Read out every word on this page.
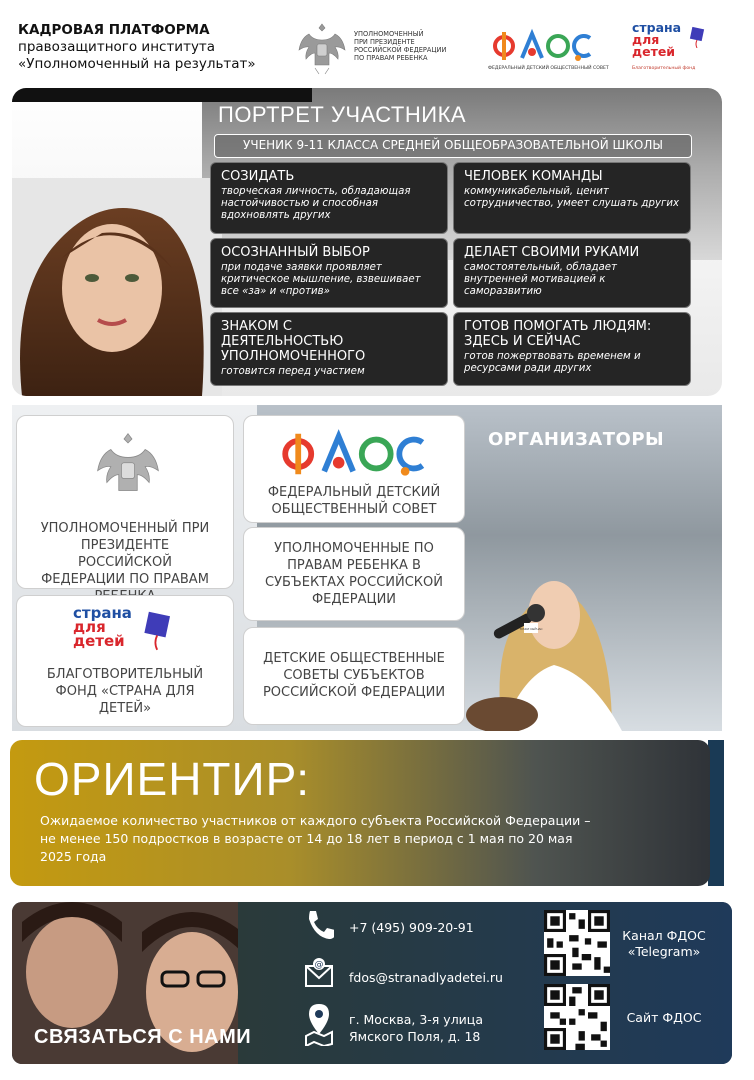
КАДРОВАЯ ПЛАТФОРМА
правозащитного института
«Уполномоченный на результат»
УПОЛНОМОЧЕННЫЙ
ПРИ ПРЕЗИДЕНТЕ
РОССИЙСКОЙ ФЕДЕРАЦИИ
ПО ПРАВАМ РЕБЕНКА
ФЕДЕРАЛЬНЫЙ ДЕТСКИЙ ОБЩЕСТВЕННЫЙ СОВЕТ
страна
для
детей
Благотворительный фонд
ПОРТРЕТ УЧАСТНИКА
УЧЕНИК 9-11 КЛАССА СРЕДНЕЙ ОБЩЕОБРАЗОВАТЕЛЬНОЙ ШКОЛЫ
СОЗИДАТЬ
творческая личность, обладающая настойчивостью и способная вдохновлять других
ЧЕЛОВЕК КОМАНДЫ
коммуникабельный, ценит сотрудничество, умеет слушать других
ОСОЗНАННЫЙ ВЫБОР
при подаче заявки проявляет критическое мышление, взвешивает все «за» и «против»
ДЕЛАЕТ СВОИМИ РУКАМИ
самостоятельный, обладает внутренней мотивацией к саморазвитию
ЗНАКОМ С ДЕЯТЕЛЬНОСТЬЮ УПОЛНОМОЧЕННОГО
готовится перед участием
ГОТОВ ПОМОГАТЬ ЛЮДЯМ: ЗДЕСЬ И СЕЙЧАС
готов пожертвовать временем и ресурсами ради других
ТОЧКИ СЕЙЧАС
ОРГАНИЗАТОРЫ
УПОЛНОМОЧЕННЫЙ ПРИ ПРЕЗИДЕНТЕ РОССИЙСКОЙ ФЕДЕРАЦИИ ПО ПРАВАМ
ФЕДЕРАЛЬНЫЙ ДЕТСКИЙ ОБЩЕСТВЕННЫЙ СОВЕТ
УПОЛНОМОЧЕННЫЕ ПО ПРАВАМ РЕБЕНКА В СУБЪЕКТАХ РОССИЙСКОЙ ФЕДЕРАЦИИ
страна
для
детей
БЛАГОТВОРИТЕЛЬНЫЙ ФОНД «СТРАНА ДЛЯ ДЕТЕЙ»
ДЕТСКИЕ ОБЩЕСТВЕННЫЕ СОВЕТЫ СУБЪЕКТОВ РОССИЙСКОЙ ФЕДЕРАЦИИ
ОРИЕНТИР:
Ожидаемое количество участников от каждого субъекта Российской Федерации – не менее 150 подростков в возрасте от 14 до 18 лет в период с 1 мая по 20 мая 2025 года
СВЯЗАТЬСЯ С НАМИ
+7 (495) 909-20-91
@
fdos@stranadlyadetei.ru
г. Москва, 3-я улица
Ямского Поля, д. 18
Канал ФДОС «Telegram»
Сайт ФДОС
